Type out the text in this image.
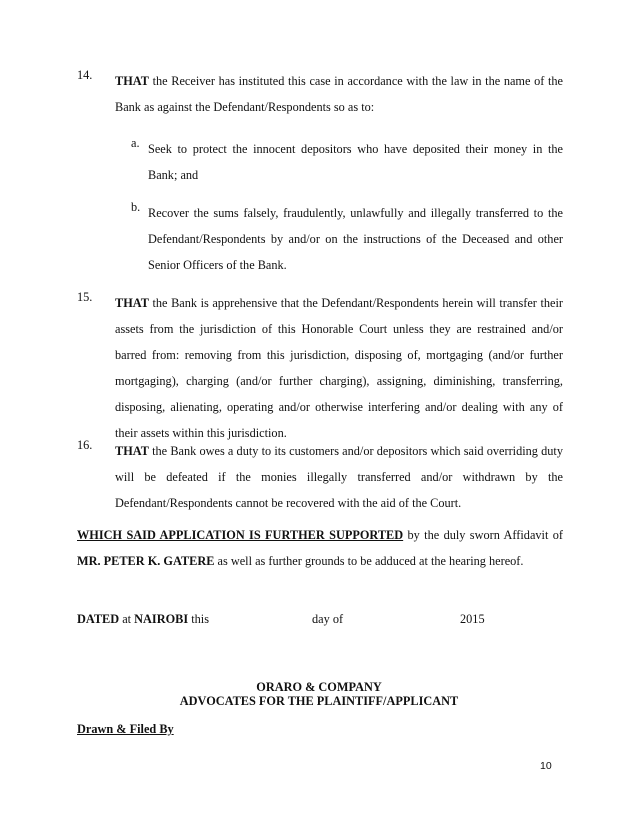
14. THAT the Receiver has instituted this case in accordance with the law in the name of the Bank as against the Defendant/Respondents so as to:
a. Seek to protect the innocent depositors who have deposited their money in the Bank; and
b. Recover the sums falsely, fraudulently, unlawfully and illegally transferred to the Defendant/Respondents by and/or on the instructions of the Deceased and other Senior Officers of the Bank.
15. THAT the Bank is apprehensive that the Defendant/Respondents herein will transfer their assets from the jurisdiction of this Honorable Court unless they are restrained and/or barred from: removing from this jurisdiction, disposing of, mortgaging (and/or further mortgaging), charging (and/or further charging), assigning, diminishing, transferring, disposing, alienating, operating and/or otherwise interfering and/or dealing with any of their assets within this jurisdiction.
16. THAT the Bank owes a duty to its customers and/or depositors which said overriding duty will be defeated if the monies illegally transferred and/or withdrawn by the Defendant/Respondents cannot be recovered with the aid of the Court.
WHICH SAID APPLICATION IS FURTHER SUPPORTED by the duly sworn Affidavit of MR. PETER K. GATERE as well as further grounds to be adduced at the hearing hereof.
DATED at NAIROBI this	day of	2015
ORARO & COMPANY
ADVOCATES FOR THE PLAINTIFF/APPLICANT
Drawn & Filed By
10
